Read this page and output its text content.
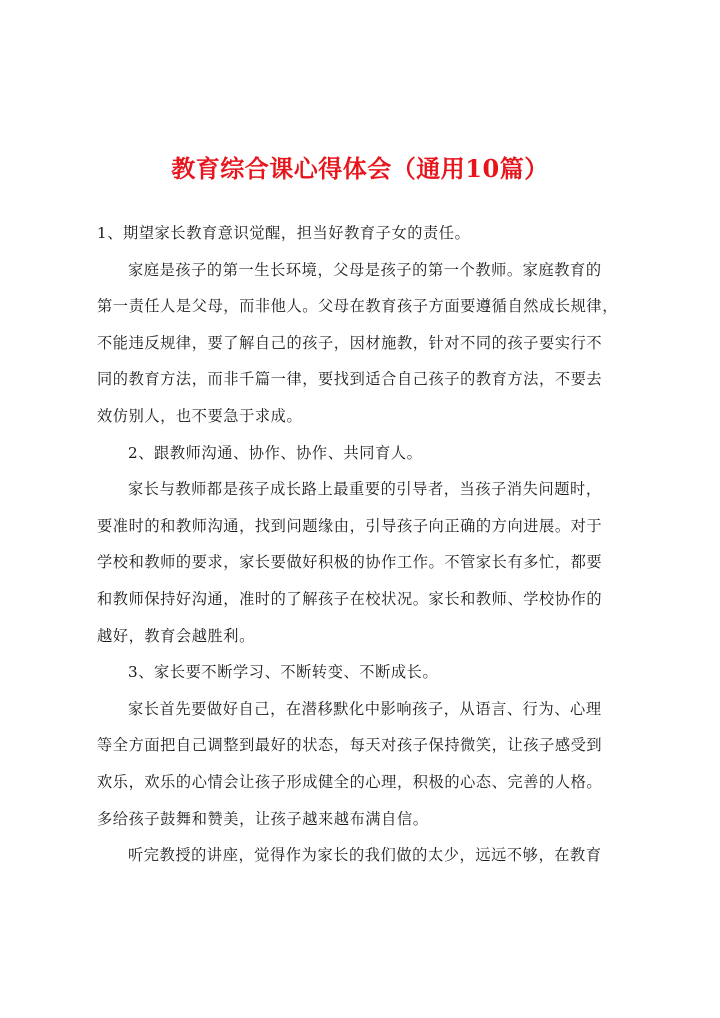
教育综合课心得体会（通用10篇）
1、期望家长教育意识觉醒，担当好教育子女的责任。
家庭是孩子的第一生长环境，父母是孩子的第一个教师。家庭教育的
第一责任人是父母，而非他人。父母在教育孩子方面要遵循自然成长规律，
不能违反规律，要了解自己的孩子，因材施教，针对不同的孩子要实行不
同的教育方法，而非千篇一律，要找到适合自己孩子的教育方法，不要去
效仿别人，也不要急于求成。
2、跟教师沟通、协作、协作、共同育人。
家长与教师都是孩子成长路上最重要的引导者，当孩子消失问题时，
要准时的和教师沟通，找到问题缘由，引导孩子向正确的方向进展。对于
学校和教师的要求，家长要做好积极的协作工作。不管家长有多忙，都要
和教师保持好沟通，准时的了解孩子在校状况。家长和教师、学校协作的
越好，教育会越胜利。
3、家长要不断学习、不断转变、不断成长。
家长首先要做好自己，在潜移默化中影响孩子，从语言、行为、心理
等全方面把自己调整到最好的状态，每天对孩子保持微笑，让孩子感受到
欢乐，欢乐的心情会让孩子形成健全的心理，积极的心态、完善的人格。
多给孩子鼓舞和赞美，让孩子越来越布满自信。
听完教授的讲座，觉得作为家长的我们做的太少，远远不够，在教育
